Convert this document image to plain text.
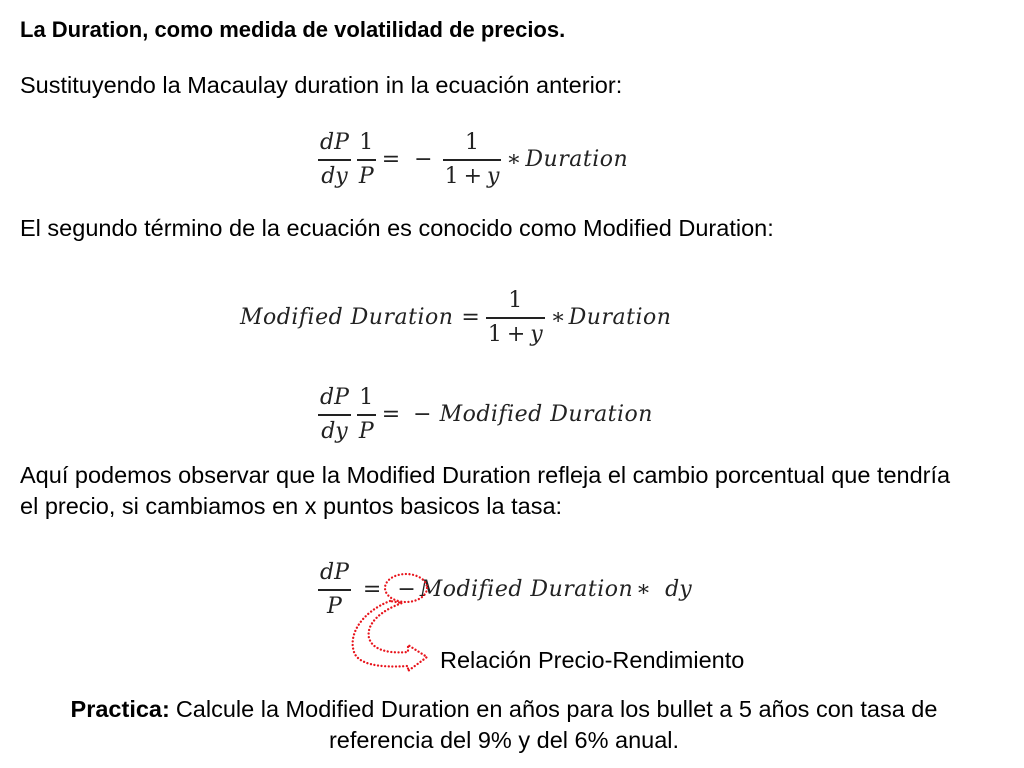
La Duration, como medida de volatilidad de precios.
Sustituyendo la Macaulay duration in la ecuación anterior:
$\frac{dP}{dy} \frac{1}{P}$ = − $\frac{1}{1 + y}$ ∗ Duration
El segundo término de la ecuación es conocido como Modified Duration:
Modified Duration = $\frac{1}{1 + y}$ ∗ Duration
$\frac{dP}{dy} \frac{1}{P}$ = − Modified Duration
Aquí podemos observar que la Modified Duration refleja el cambio porcentual que tendría
el precio, si cambiamos en x puntos basicos la tasa:
$\frac{dP}{P}$ = − Modified Duration ∗ dy
Relación Precio-Rendimiento
Practica: Calcule la Modified Duration en años para los bullet a 5 años con tasa de
referencia del 9% y del 6% anual.
